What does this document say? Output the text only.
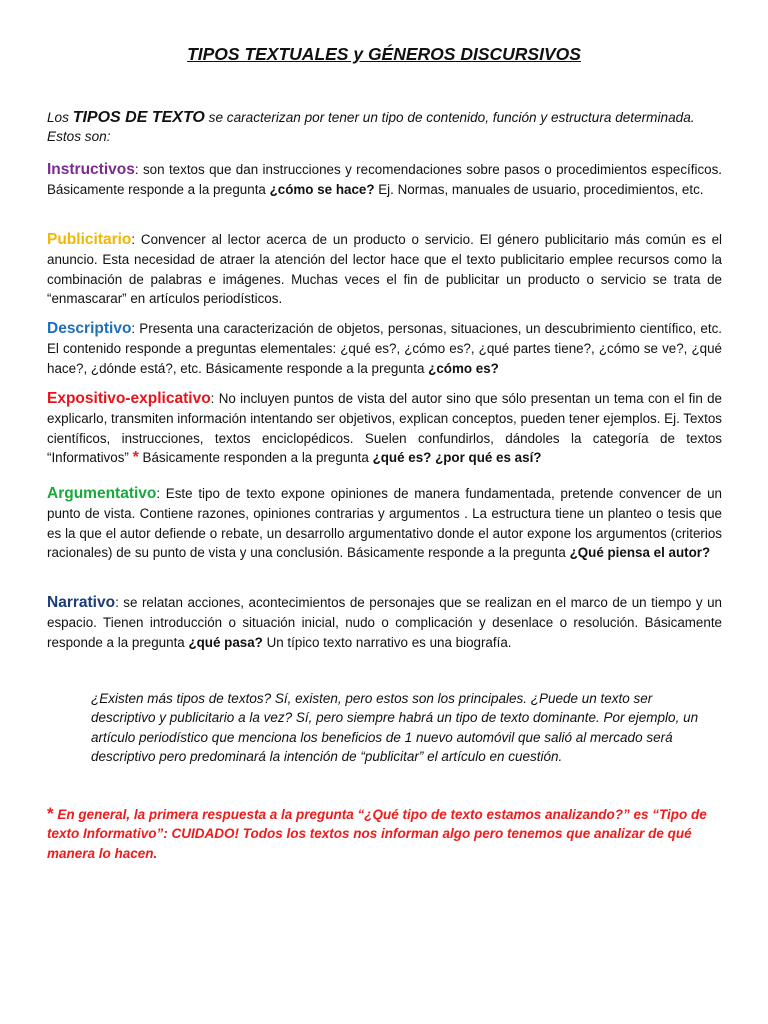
TIPOS TEXTUALES y GÉNEROS DISCURSIVOS
Los TIPOS DE TEXTO se caracterizan por tener un tipo de contenido, función y estructura determinada. Estos son:
Instructivos: son textos que dan instrucciones y recomendaciones sobre pasos o procedimientos específicos. Básicamente responde a la pregunta ¿cómo se hace? Ej. Normas, manuales de usuario, procedimientos, etc.
Publicitario: Convencer al lector acerca de un producto o servicio. El género publicitario más común es el anuncio. Esta necesidad de atraer la atención del lector hace que el texto publicitario emplee recursos como la combinación de palabras e imágenes. Muchas veces el fin de publicitar un producto o servicio se trata de “enmascarar” en artículos periodísticos.
Descriptivo: Presenta una caracterización de objetos, personas, situaciones, un descubrimiento científico, etc. El contenido responde a preguntas elementales: ¿qué es?, ¿cómo es?, ¿qué partes tiene?, ¿cómo se ve?, ¿qué hace?, ¿dónde está?, etc. Básicamente responde a la pregunta ¿cómo es?
Expositivo-explicativo: No incluyen puntos de vista del autor sino que sólo presentan un tema con el fin de explicarlo, transmiten información intentando ser objetivos, explican conceptos, pueden tener ejemplos. Ej. Textos científicos, instrucciones, textos enciclopédicos. Suelen confundirlos, dándoles la categoría de textos “Informativos” * Básicamente responden a la pregunta ¿qué es? ¿por qué es así?
Argumentativo: Este tipo de texto expone opiniones de manera fundamentada, pretende convencer de un punto de vista. Contiene razones, opiniones contrarias y argumentos . La estructura tiene un planteo o tesis que es la que el autor defiende o rebate, un desarrollo argumentativo donde el autor expone los argumentos (criterios racionales) de su punto de vista y una conclusión. Básicamente responde a la pregunta ¿Qué piensa el autor?
Narrativo: se relatan acciones, acontecimientos de personajes que se realizan en el marco de un tiempo y un espacio. Tienen introducción o situación inicial, nudo o complicación y desenlace o resolución. Básicamente responde a la pregunta ¿qué pasa? Un típico texto narrativo es una biografía.
¿Existen más tipos de textos? Sí, existen, pero estos son los principales. ¿Puede un texto ser descriptivo y publicitario a la vez? Sí, pero siempre habrá un tipo de texto dominante. Por ejemplo, un artículo periodístico que menciona los beneficios de 1 nuevo automóvil que salió al mercado será descriptivo pero predominará la intención de “publicitar” el artículo en cuestión.
* En general, la primera respuesta a la pregunta “¿Qué tipo de texto estamos analizando?” es “Tipo de texto Informativo”: CUIDADO! Todos los textos nos informan algo pero tenemos que analizar de qué manera lo hacen.
